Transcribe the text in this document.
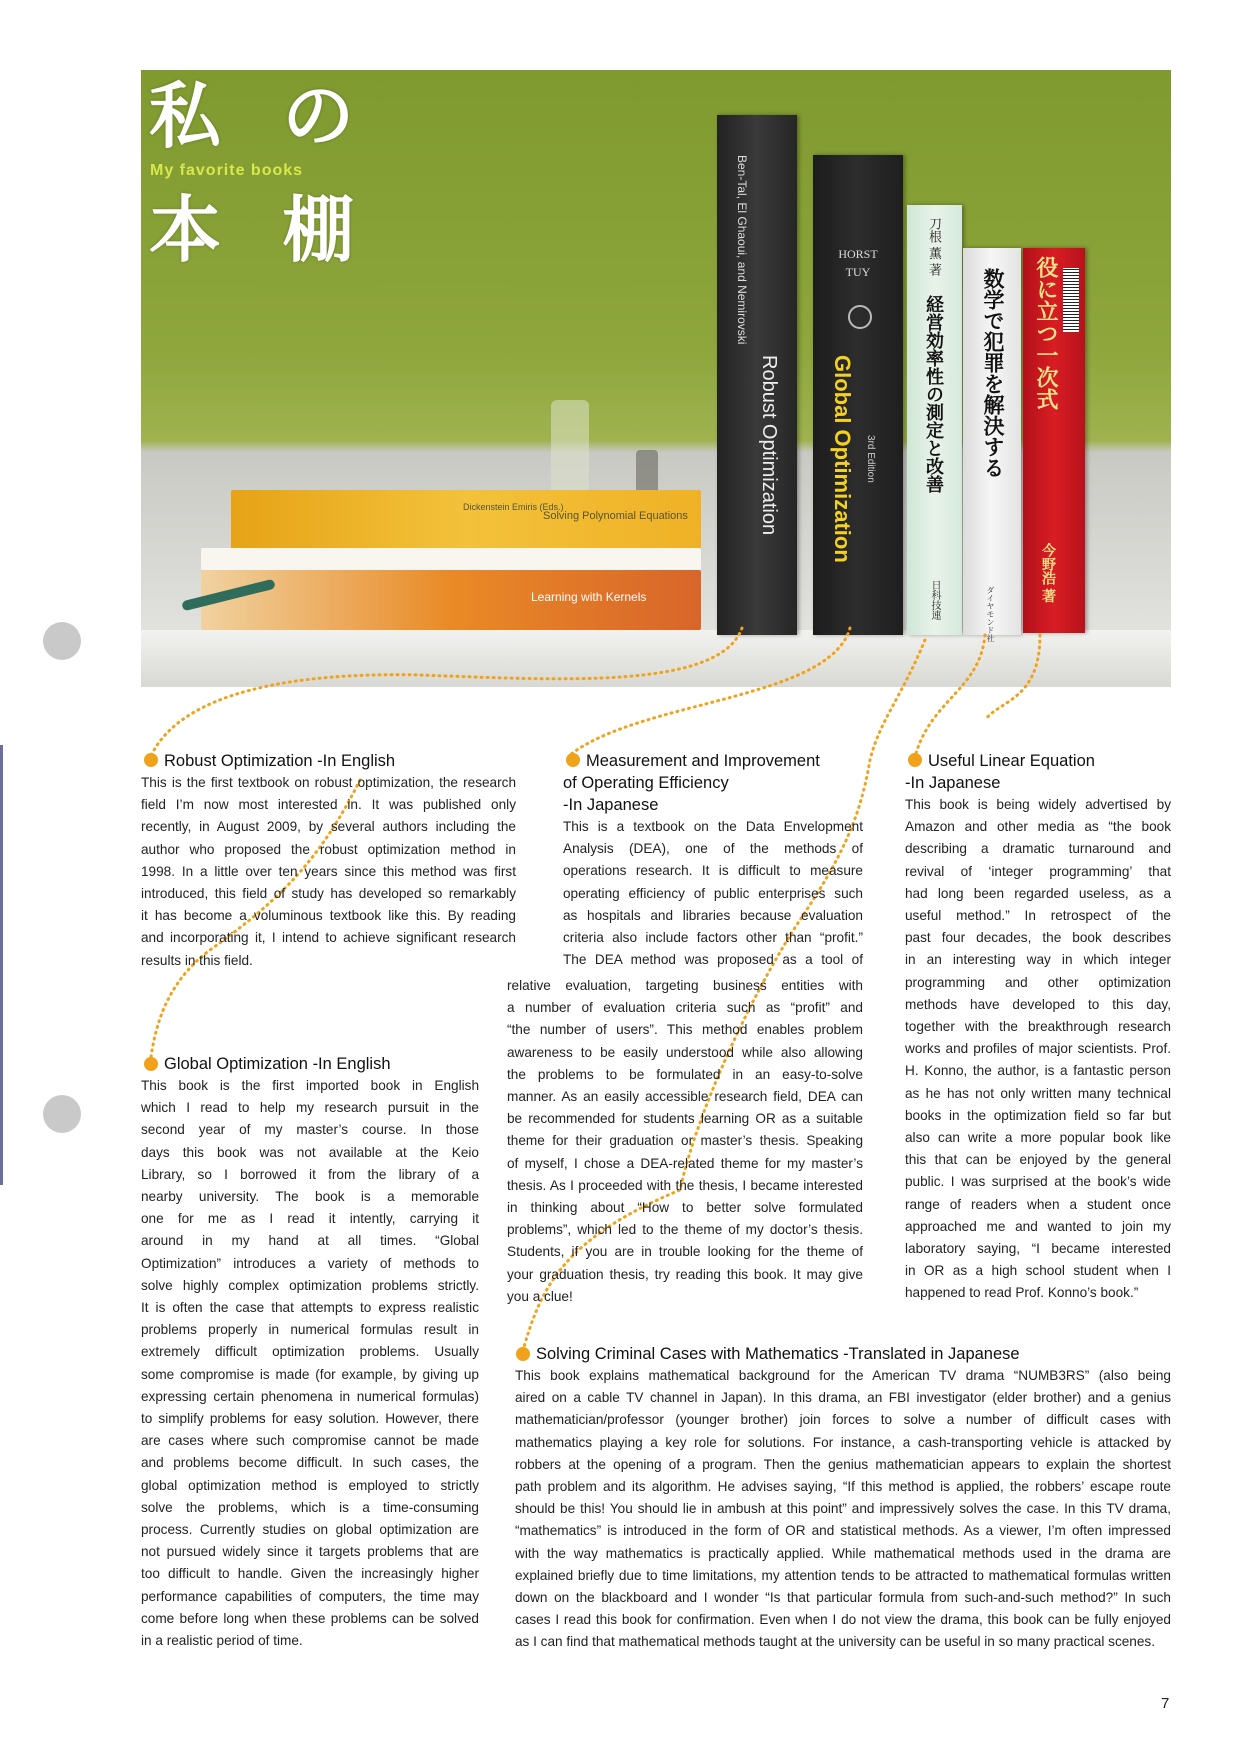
Solving Polynomial Equations
Dickenstein Emiris (Eds.)
Learning with Kernels
Ben-Tal, El Ghaoui, and Nemirovski
Robust Optimization
HORST
TUY
Global Optimization 3rd Edition
刀根 薫 著
経営効率性の測定と改善
日科技連
数学で犯罪を解決する
ダイヤモンド社
役に立つ一次式
今野浩 著
私 の
My favorite books
本 棚
Robust Optimization -In English
This is the first textbook on robust optimization, the research
field I’m now most interested in. It was published only
recently, in August 2009, by several authors including the
author who proposed the robust optimization method in
1998. In a little over ten years since this method was first
introduced, this field of study has developed so remarkably
it has become a voluminous textbook like this. By reading
and incorporating it, I intend to achieve significant research
results in this field.
Global Optimization -In English
This book is the first imported book in English
which I read to help my research pursuit in the
second year of my master’s course. In those
days this book was not available at the Keio
Library, so I borrowed it from the library of a
nearby university. The book is a memorable
one for me as I read it intently, carrying it
around in my hand at all times. “Global
Optimization” introduces a variety of methods to
solve highly complex optimization problems strictly.
It is often the case that attempts to express realistic
problems properly in numerical formulas result in
extremely difficult optimization problems. Usually
some compromise is made (for example, by giving up
expressing certain phenomena in numerical formulas)
to simplify problems for easy solution. However, there
are cases where such compromise cannot be made
and problems become difficult. In such cases, the
global optimization method is employed to strictly
solve the problems, which is a time-consuming
process. Currently studies on global optimization are
not pursued widely since it targets problems that are
too difficult to handle. Given the increasingly higher
performance capabilities of computers, the time may
come before long when these problems can be solved
in a realistic period of time.
Measurement and Improvement
of Operating Efficiency
-In Japanese
This is a textbook on the Data Envelopment
Analysis (DEA), one of the methods of
operations research. It is difficult to measure
operating efficiency of public enterprises such
as hospitals and libraries because evaluation
criteria also include factors other than “profit.”
The DEA method was proposed as a tool of
relative evaluation, targeting business entities with
a number of evaluation criteria such as “profit” and
“the number of users”. This method enables problem
awareness to be easily understood while also allowing
the problems to be formulated in an easy-to-solve
manner. As an easily accessible research field, DEA can
be recommended for students learning OR as a suitable
theme for their graduation or master’s thesis. Speaking
of myself, I chose a DEA-related theme for my master’s
thesis. As I proceeded with the thesis, I became interested
in thinking about “How to better solve formulated
problems”, which led to the theme of my doctor’s thesis.
Students, if you are in trouble looking for the theme of
your graduation thesis, try reading this book. It may give
you a clue!
Useful Linear Equation
-In Japanese
This book is being widely advertised by
Amazon and other media as “the book
describing a dramatic turnaround and
revival of ‘integer programming’ that
had long been regarded useless, as a
useful method.” In retrospect of the
past four decades, the book describes
in an interesting way in which integer
programming and other optimization
methods have developed to this day,
together with the breakthrough research
works and profiles of major scientists. Prof.
H. Konno, the author, is a fantastic person
as he has not only written many technical
books in the optimization field so far but
also can write a more popular book like
this that can be enjoyed by the general
public. I was surprised at the book’s wide
range of readers when a student once
approached me and wanted to join my
laboratory saying, “I became interested
in OR as a high school student when I
happened to read Prof. Konno’s book.”
Solving Criminal Cases with Mathematics -Translated in Japanese
This book explains mathematical background for the American TV drama “NUMB3RS” (also being
aired on a cable TV channel in Japan). In this drama, an FBI investigator (elder brother) and a genius
mathematician/professor (younger brother) join forces to solve a number of difficult cases with
mathematics playing a key role for solutions. For instance, a cash-transporting vehicle is attacked by
robbers at the opening of a program. Then the genius mathematician appears to explain the shortest
path problem and its algorithm. He advises saying, “If this method is applied, the robbers’ escape route
should be this! You should lie in ambush at this point” and impressively solves the case. In this TV drama,
“mathematics” is introduced in the form of OR and statistical methods. As a viewer, I’m often impressed
with the way mathematics is practically applied. While mathematical methods used in the drama are
explained briefly due to time limitations, my attention tends to be attracted to mathematical formulas written
down on the blackboard and I wonder “Is that particular formula from such-and-such method?” In such
cases I read this book for confirmation. Even when I do not view the drama, this book can be fully enjoyed
as I can find that mathematical methods taught at the university can be useful in so many practical scenes.
7
